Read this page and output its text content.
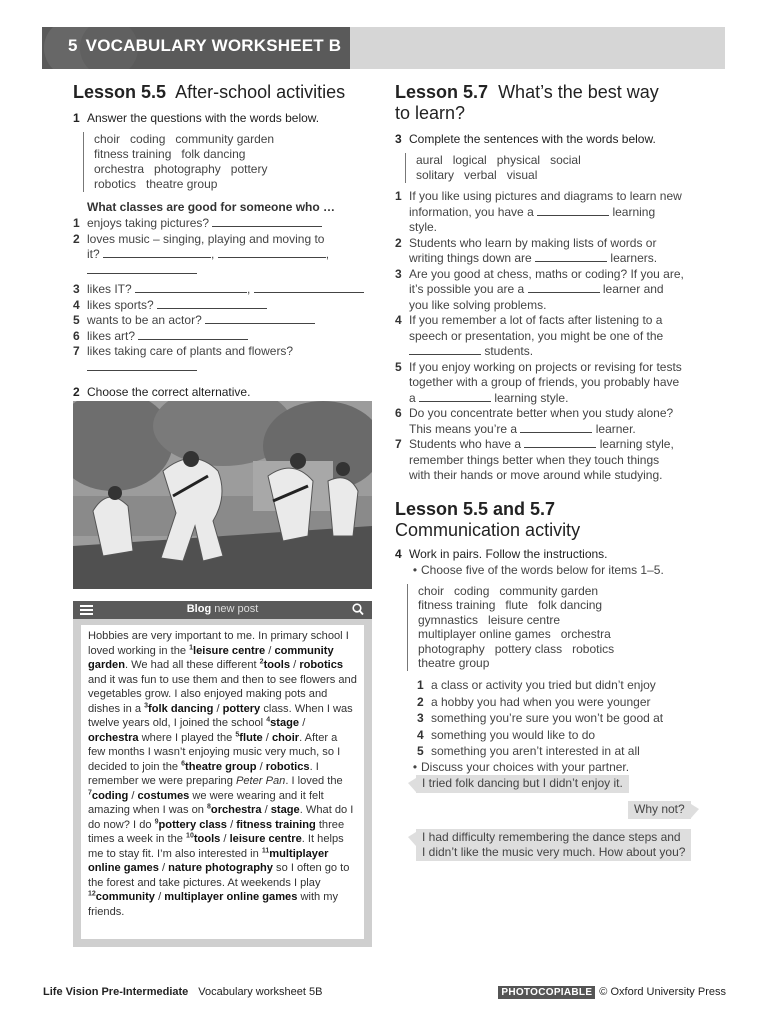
5 VOCABULARY WORKSHEET B
Lesson 5.5 After-school activities
1 Answer the questions with the words below.
choir coding community garden
fitness training folk dancing
orchestra photography pottery
robotics theatre group
What classes are good for someone who …
1 enjoys taking pictures?
2 loves music – singing, playing and moving to
it?	,	,

3 likes IT?	,
4 likes sports?
5 wants to be an actor?
6 likes art?
7 likes taking care of plants and flowers?

2 Choose the correct alternative.
Blog new post
Hobbies are very important to me. In primary school I loved working in the $^1$leisure centre / community garden. We had all these different $^2$tools / robotics and it was fun to use them and then to see flowers and vegetables grow. I also enjoyed making pots and dishes in a $^3$folk dancing / pottery class. When I was twelve years old, I joined the school $^4$stage / orchestra where I played the $^5$flute / choir. After a few months I wasn’t enjoying music very much, so I decided to join the $^6$theatre group / robotics. I remember we were preparing Peter Pan. I loved the $^7$coding / costumes we were wearing and it felt amazing when I was on $^8$orchestra / stage. What do I do now? I do $^9$pottery class / fitness training three times a week in the $^{10}$tools / leisure centre. It helps me to stay fit. I’m also interested in $^{11}$multiplayer online games / nature photography so I often go to the forest and take pictures. At weekends I play $^{12}$community / multiplayer online games with my friends.
Lesson 5.7 What’s the best way
to learn?
3 Complete the sentences with the words below.
aural logical physical social
solitary verbal visual
1 If you like using pictures and diagrams to learn new
information, you have a	learning
style.
2 Students who learn by making lists of words or
writing things down are	learners.
3 Are you good at chess, maths or coding? If you are,
it’s possible you are a	learner and
you like solving problems.
4 If you remember a lot of facts after listening to a
speech or presentation, you might be one of the
students.
5 If you enjoy working on projects or revising for tests
together with a group of friends, you probably have
a	learning style.
6 Do you concentrate better when you study alone?
This means you’re a	learner.
7 Students who have a	learning style,
remember things better when they touch things
with their hands or move around while studying.
Lesson 5.5 and 5.7
Communication activity
4 Work in pairs. Follow the instructions.
• Choose five of the words below for items 1–5.
choir coding community garden
fitness training flute folk dancing
gymnastics leisure centre
multiplayer online games orchestra
photography pottery class robotics
theatre group
1 a class or activity you tried but didn’t enjoy
2 a hobby you had when you were younger
3 something you’re sure you won’t be good at
4 something you would like to do
5 something you aren’t interested in at all
• Discuss your choices with your partner.
I tried folk dancing but I didn’t enjoy it.
Why not?
I had difficulty remembering the dance steps and
I didn’t like the music very much. How about you?
Life Vision Pre-Intermediate Vocabulary worksheet 5B	PHOTOCOPIABLE © Oxford University Press
